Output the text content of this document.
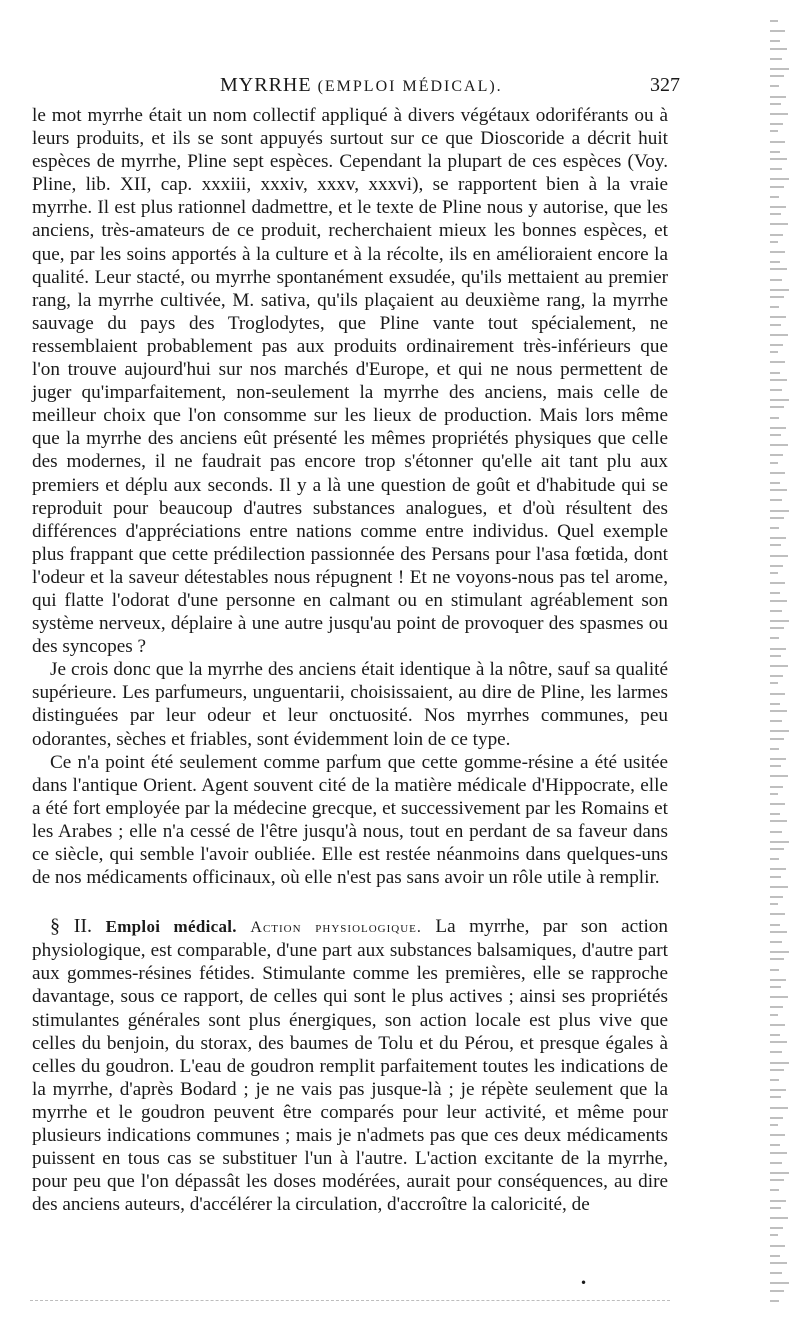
MYRRHE (EMPLOI MÉDICAL).	327

le mot myrrhe était un nom collectif appliqué à divers végétaux odoriférants ou à leurs produits, et ils se sont appuyés surtout sur ce que Dioscoride a décrit huit espèces de myrrhe, Pline sept espèces. Cependant la plupart de ces espèces (Voy. Pline, lib. XII, cap. xxxiii, xxxiv, xxxv, xxxvi), se rapportent bien à la vraie myrrhe. Il est plus rationnel dadmettre, et le texte de Pline nous y autorise, que les anciens, très-amateurs de ce produit, recherchaient mieux les bonnes espèces, et que, par les soins apportés à la culture et à la récolte, ils en amélioraient encore la qualité. Leur stacté, ou myrrhe spontanément exsudée, qu'ils mettaient au premier rang, la myrrhe cultivée, M. sativa, qu'ils plaçaient au deuxième rang, la myrrhe sauvage du pays des Troglodytes, que Pline vante tout spécialement, ne ressemblaient probablement pas aux produits ordinairement très-inférieurs que l'on trouve aujourd'hui sur nos marchés d'Europe, et qui ne nous permettent de juger qu'imparfaitement, non-seulement la myrrhe des anciens, mais celle de meilleur choix que l'on consomme sur les lieux de production. Mais lors même que la myrrhe des anciens eût présenté les mêmes propriétés physiques que celle des modernes, il ne faudrait pas encore trop s'étonner qu'elle ait tant plu aux premiers et déplu aux seconds. Il y a là une question de goût et d'habitude qui se reproduit pour beaucoup d'autres substances analogues, et d'où résultent des différences d'appréciations entre nations comme entre individus. Quel exemple plus frappant que cette prédilection passionnée des Persans pour l'asa fœtida, dont l'odeur et la saveur détestables nous répugnent ! Et ne voyons-nous pas tel arome, qui flatte l'odorat d'une personne en calmant ou en stimulant agréablement son système nerveux, déplaire à une autre jusqu'au point de provoquer des spasmes ou des syncopes ?

Je crois donc que la myrrhe des anciens était identique à la nôtre, sauf sa qualité supérieure. Les parfumeurs, unguentarii, choisissaient, au dire de Pline, les larmes distinguées par leur odeur et leur onctuosité. Nos myrrhes communes, peu odorantes, sèches et friables, sont évidemment loin de ce type.

Ce n'a point été seulement comme parfum que cette gomme-résine a été usitée dans l'antique Orient. Agent souvent cité de la matière médicale d'Hippocrate, elle a été fort employée par la médecine grecque, et successivement par les Romains et les Arabes ; elle n'a cessé de l'être jusqu'à nous, tout en perdant de sa faveur dans ce siècle, qui semble l'avoir oubliée. Elle est restée néanmoins dans quelques-uns de nos médicaments officinaux, où elle n'est pas sans avoir un rôle utile à remplir.

§ II. Emploi médical. Action physiologique. La myrrhe, par son action physiologique, est comparable, d'une part aux substances balsamiques, d'autre part aux gommes-résines fétides. Stimulante comme les premières, elle se rapproche davantage, sous ce rapport, de celles qui sont le plus actives ; ainsi ses propriétés stimulantes générales sont plus énergiques, son action locale est plus vive que celles du benjoin, du storax, des baumes de Tolu et du Pérou, et presque égales à celles du goudron. L'eau de goudron remplit parfaitement toutes les indications de la myrrhe, d'après Bodard ; je ne vais pas jusque-là ; je répète seulement que la myrrhe et le goudron peuvent être comparés pour leur activité, et même pour plusieurs indications communes ; mais je n'admets pas que ces deux médicaments puissent en tous cas se substituer l'un à l'autre. L'action excitante de la myrrhe, pour peu que l'on dépassât les doses modérées, aurait pour conséquences, au dire des anciens auteurs, d'accélérer la circulation, d'accroître la caloricité, de

•
